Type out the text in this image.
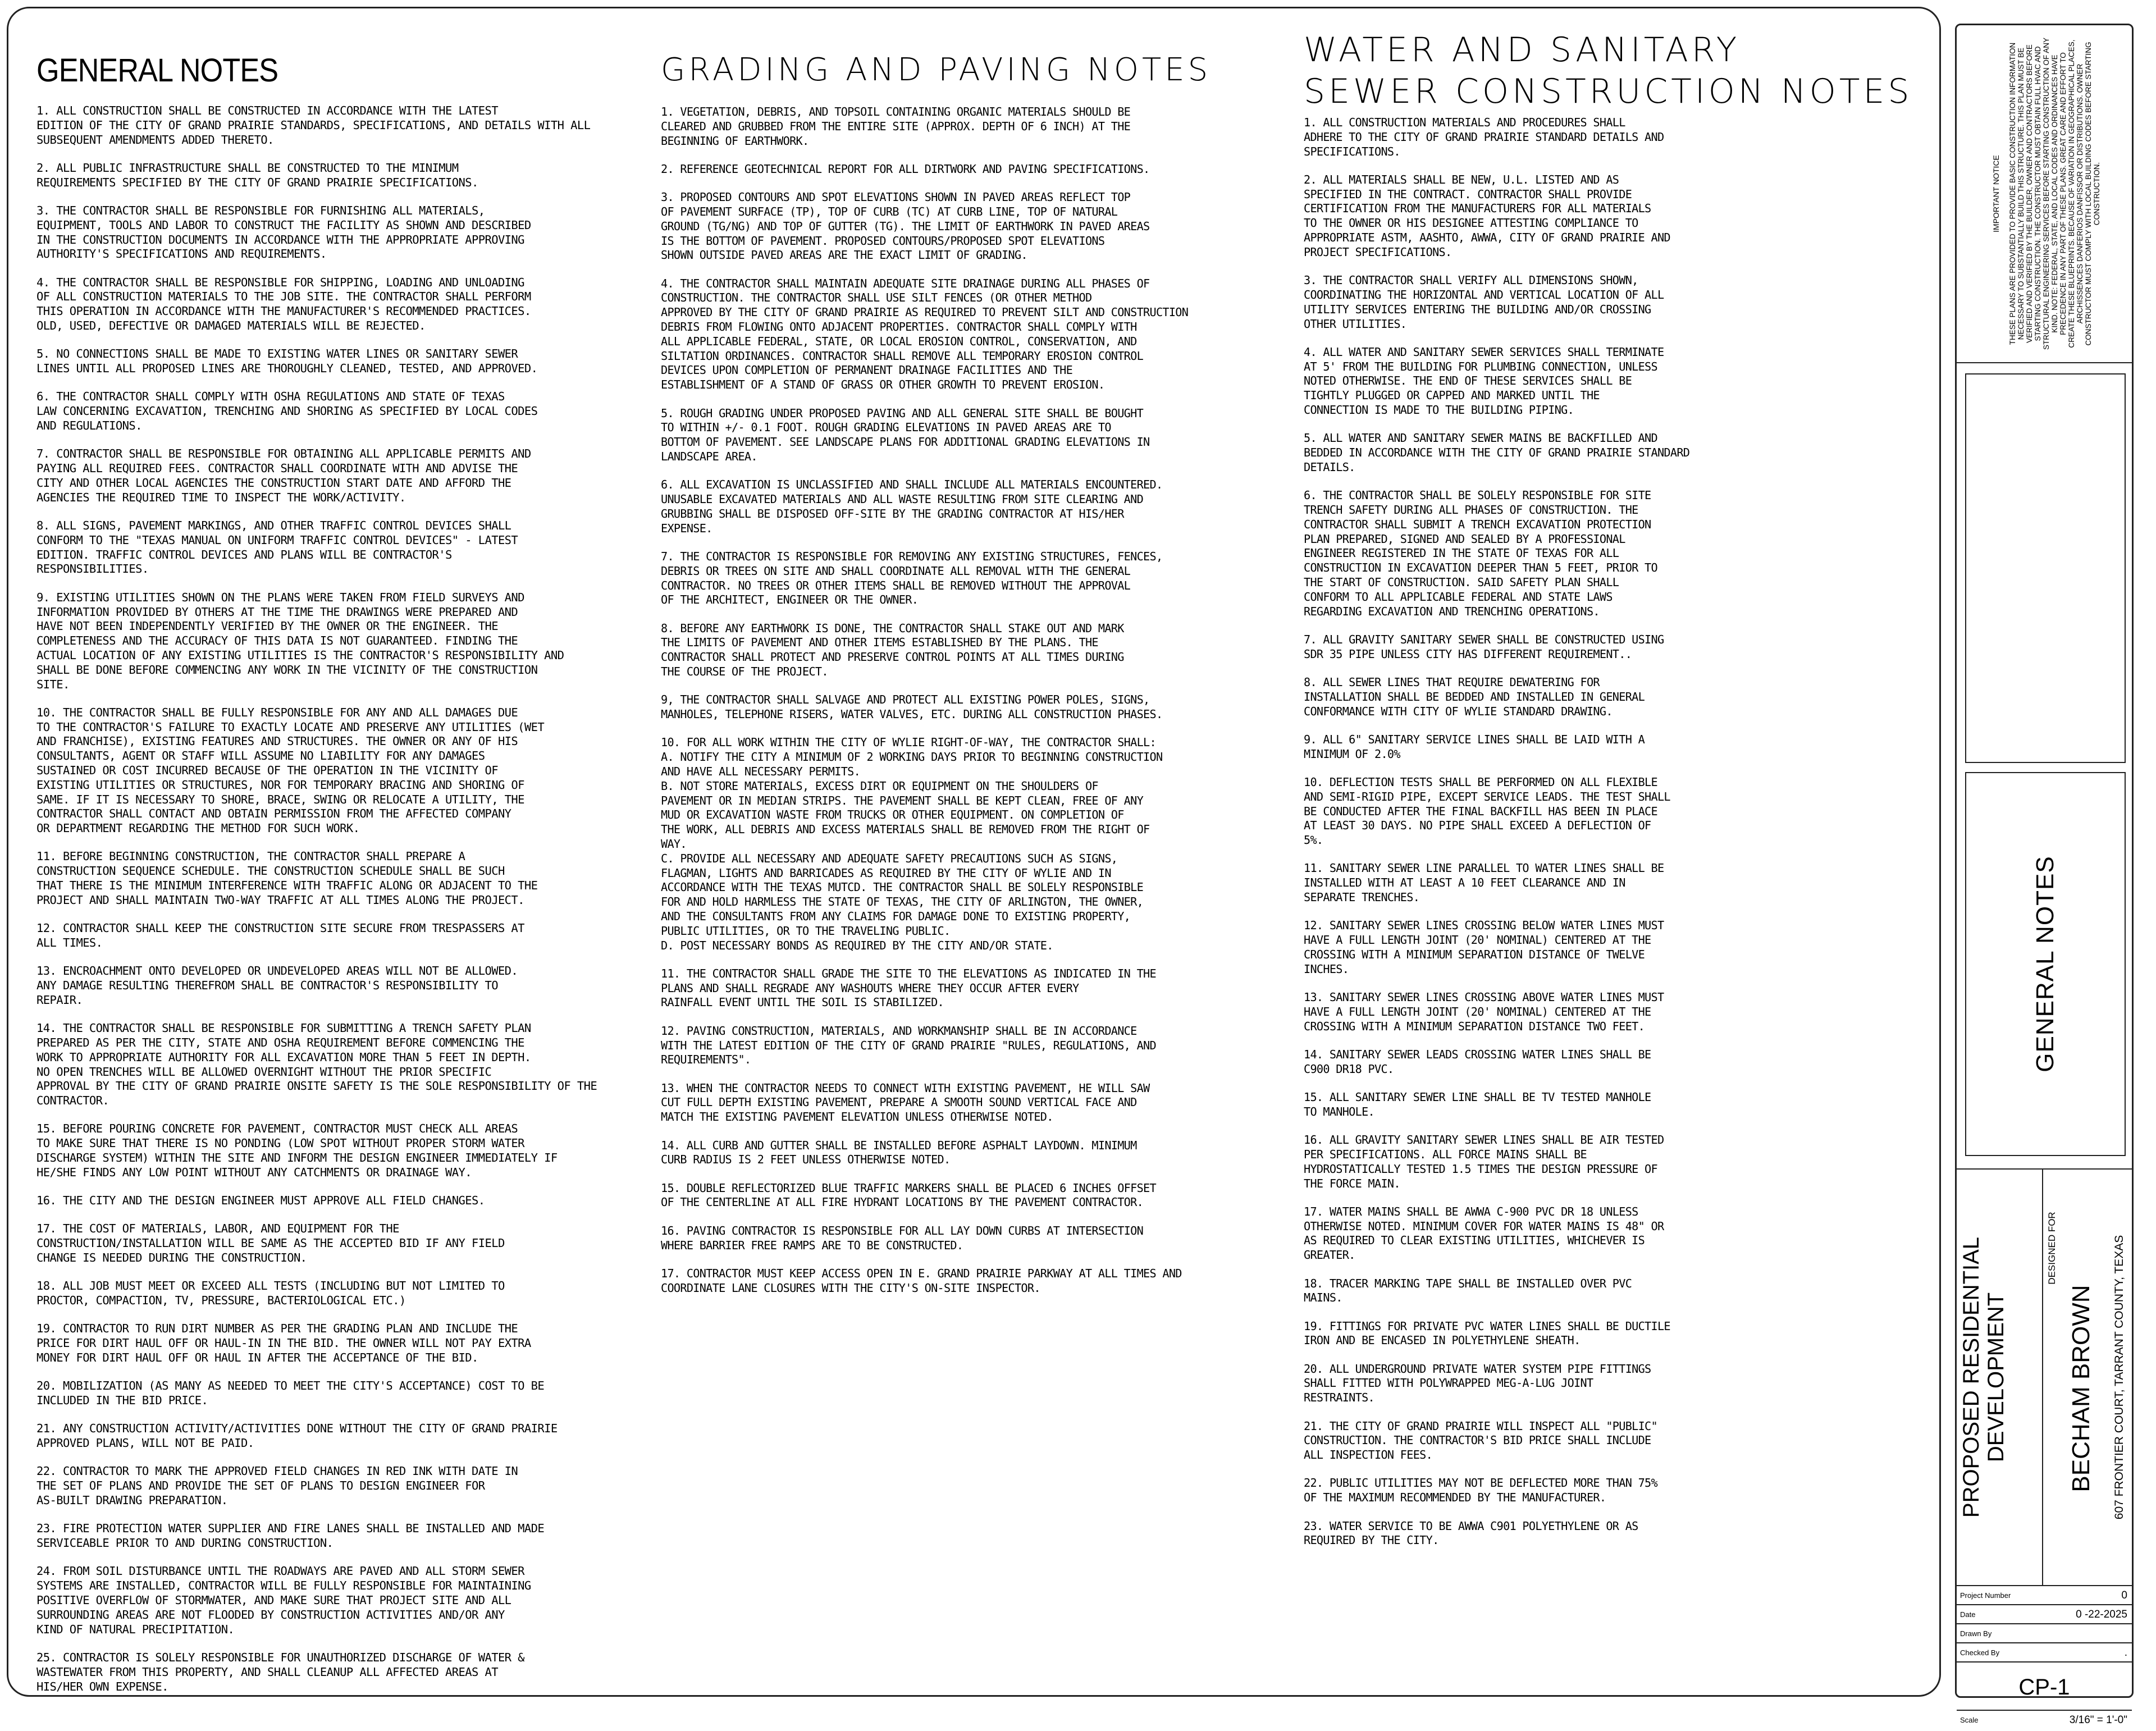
GENERAL NOTES

1. ALL CONSTRUCTION SHALL BE CONSTRUCTED IN ACCORDANCE WITH THE LATEST
EDITION OF THE CITY OF GRAND PRAIRIE STANDARDS, SPECIFICATIONS, AND DETAILS WITH ALL
SUBSEQUENT AMENDMENTS ADDED THERETO.

2. ALL PUBLIC INFRASTRUCTURE SHALL BE CONSTRUCTED TO THE MINIMUM
REQUIREMENTS SPECIFIED BY THE CITY OF GRAND PRAIRIE SPECIFICATIONS.

3. THE CONTRACTOR SHALL BE RESPONSIBLE FOR FURNISHING ALL MATERIALS,
EQUIPMENT, TOOLS AND LABOR TO CONSTRUCT THE FACILITY AS SHOWN AND DESCRIBED
IN THE CONSTRUCTION DOCUMENTS IN ACCORDANCE WITH THE APPROPRIATE APPROVING
AUTHORITY'S SPECIFICATIONS AND REQUIREMENTS.

4. THE CONTRACTOR SHALL BE RESPONSIBLE FOR SHIPPING, LOADING AND UNLOADING
OF ALL CONSTRUCTION MATERIALS TO THE JOB SITE. THE CONTRACTOR SHALL PERFORM
THIS OPERATION IN ACCORDANCE WITH THE MANUFACTURER'S RECOMMENDED PRACTICES.
OLD, USED, DEFECTIVE OR DAMAGED MATERIALS WILL BE REJECTED.

5. NO CONNECTIONS SHALL BE MADE TO EXISTING WATER LINES OR SANITARY SEWER
LINES UNTIL ALL PROPOSED LINES ARE THOROUGHLY CLEANED, TESTED, AND APPROVED.

6. THE CONTRACTOR SHALL COMPLY WITH OSHA REGULATIONS AND STATE OF TEXAS
LAW CONCERNING EXCAVATION, TRENCHING AND SHORING AS SPECIFIED BY LOCAL CODES
AND REGULATIONS.

7. CONTRACTOR SHALL BE RESPONSIBLE FOR OBTAINING ALL APPLICABLE PERMITS AND
PAYING ALL REQUIRED FEES. CONTRACTOR SHALL COORDINATE WITH AND ADVISE THE
CITY AND OTHER LOCAL AGENCIES THE CONSTRUCTION START DATE AND AFFORD THE
AGENCIES THE REQUIRED TIME TO INSPECT THE WORK/ACTIVITY.

8. ALL SIGNS, PAVEMENT MARKINGS, AND OTHER TRAFFIC CONTROL DEVICES SHALL
CONFORM TO THE "TEXAS MANUAL ON UNIFORM TRAFFIC CONTROL DEVICES" - LATEST
EDITION. TRAFFIC CONTROL DEVICES AND PLANS WILL BE CONTRACTOR'S
RESPONSIBILITIES.

9. EXISTING UTILITIES SHOWN ON THE PLANS WERE TAKEN FROM FIELD SURVEYS AND
INFORMATION PROVIDED BY OTHERS AT THE TIME THE DRAWINGS WERE PREPARED AND
HAVE NOT BEEN INDEPENDENTLY VERIFIED BY THE OWNER OR THE ENGINEER. THE
COMPLETENESS AND THE ACCURACY OF THIS DATA IS NOT GUARANTEED. FINDING THE
ACTUAL LOCATION OF ANY EXISTING UTILITIES IS THE CONTRACTOR'S RESPONSIBILITY AND
SHALL BE DONE BEFORE COMMENCING ANY WORK IN THE VICINITY OF THE CONSTRUCTION
SITE.

10. THE CONTRACTOR SHALL BE FULLY RESPONSIBLE FOR ANY AND ALL DAMAGES DUE
TO THE CONTRACTOR'S FAILURE TO EXACTLY LOCATE AND PRESERVE ANY UTILITIES (WET
AND FRANCHISE), EXISTING FEATURES AND STRUCTURES. THE OWNER OR ANY OF HIS
CONSULTANTS, AGENT OR STAFF WILL ASSUME NO LIABILITY FOR ANY DAMAGES
SUSTAINED OR COST INCURRED BECAUSE OF THE OPERATION IN THE VICINITY OF
EXISTING UTILITIES OR STRUCTURES, NOR FOR TEMPORARY BRACING AND SHORING OF
SAME. IF IT IS NECESSARY TO SHORE, BRACE, SWING OR RELOCATE A UTILITY, THE
CONTRACTOR SHALL CONTACT AND OBTAIN PERMISSION FROM THE AFFECTED COMPANY
OR DEPARTMENT REGARDING THE METHOD FOR SUCH WORK.

11. BEFORE BEGINNING CONSTRUCTION, THE CONTRACTOR SHALL PREPARE A
CONSTRUCTION SEQUENCE SCHEDULE. THE CONSTRUCTION SCHEDULE SHALL BE SUCH
THAT THERE IS THE MINIMUM INTERFERENCE WITH TRAFFIC ALONG OR ADJACENT TO THE
PROJECT AND SHALL MAINTAIN TWO-WAY TRAFFIC AT ALL TIMES ALONG THE PROJECT.

12. CONTRACTOR SHALL KEEP THE CONSTRUCTION SITE SECURE FROM TRESPASSERS AT
ALL TIMES.

13. ENCROACHMENT ONTO DEVELOPED OR UNDEVELOPED AREAS WILL NOT BE ALLOWED.
ANY DAMAGE RESULTING THEREFROM SHALL BE CONTRACTOR'S RESPONSIBILITY TO
REPAIR.

14. THE CONTRACTOR SHALL BE RESPONSIBLE FOR SUBMITTING A TRENCH SAFETY PLAN
PREPARED AS PER THE CITY, STATE AND OSHA REQUIREMENT BEFORE COMMENCING THE
WORK TO APPROPRIATE AUTHORITY FOR ALL EXCAVATION MORE THAN 5 FEET IN DEPTH.
NO OPEN TRENCHES WILL BE ALLOWED OVERNIGHT WITHOUT THE PRIOR SPECIFIC
APPROVAL BY THE CITY OF GRAND PRAIRIE ONSITE SAFETY IS THE SOLE RESPONSIBILITY OF THE
CONTRACTOR.

15. BEFORE POURING CONCRETE FOR PAVEMENT, CONTRACTOR MUST CHECK ALL AREAS
TO MAKE SURE THAT THERE IS NO PONDING (LOW SPOT WITHOUT PROPER STORM WATER
DISCHARGE SYSTEM) WITHIN THE SITE AND INFORM THE DESIGN ENGINEER IMMEDIATELY IF
HE/SHE FINDS ANY LOW POINT WITHOUT ANY CATCHMENTS OR DRAINAGE WAY.

16. THE CITY AND THE DESIGN ENGINEER MUST APPROVE ALL FIELD CHANGES.

17. THE COST OF MATERIALS, LABOR, AND EQUIPMENT FOR THE
CONSTRUCTION/INSTALLATION WILL BE SAME AS THE ACCEPTED BID IF ANY FIELD
CHANGE IS NEEDED DURING THE CONSTRUCTION.

18. ALL JOB MUST MEET OR EXCEED ALL TESTS (INCLUDING BUT NOT LIMITED TO
PROCTOR, COMPACTION, TV, PRESSURE, BACTERIOLOGICAL ETC.)

19. CONTRACTOR TO RUN DIRT NUMBER AS PER THE GRADING PLAN AND INCLUDE THE
PRICE FOR DIRT HAUL OFF OR HAUL-IN IN THE BID. THE OWNER WILL NOT PAY EXTRA
MONEY FOR DIRT HAUL OFF OR HAUL IN AFTER THE ACCEPTANCE OF THE BID.

20. MOBILIZATION (AS MANY AS NEEDED TO MEET THE CITY'S ACCEPTANCE) COST TO BE
INCLUDED IN THE BID PRICE.

21. ANY CONSTRUCTION ACTIVITY/ACTIVITIES DONE WITHOUT THE CITY OF GRAND PRAIRIE
APPROVED PLANS, WILL NOT BE PAID.

22. CONTRACTOR TO MARK THE APPROVED FIELD CHANGES IN RED INK WITH DATE IN
THE SET OF PLANS AND PROVIDE THE SET OF PLANS TO DESIGN ENGINEER FOR
AS-BUILT DRAWING PREPARATION.

23. FIRE PROTECTION WATER SUPPLIER AND FIRE LANES SHALL BE INSTALLED AND MADE
SERVICEABLE PRIOR TO AND DURING CONSTRUCTION.

24. FROM SOIL DISTURBANCE UNTIL THE ROADWAYS ARE PAVED AND ALL STORM SEWER
SYSTEMS ARE INSTALLED, CONTRACTOR WILL BE FULLY RESPONSIBLE FOR MAINTAINING
POSITIVE OVERFLOW OF STORMWATER, AND MAKE SURE THAT PROJECT SITE AND ALL
SURROUNDING AREAS ARE NOT FLOODED BY CONSTRUCTION ACTIVITIES AND/OR ANY
KIND OF NATURAL PRECIPITATION.

25. CONTRACTOR IS SOLELY RESPONSIBLE FOR UNAUTHORIZED DISCHARGE OF WATER &
WASTEWATER FROM THIS PROPERTY, AND SHALL CLEANUP ALL AFFECTED AREAS AT
HIS/HER OWN EXPENSE.

GRADING AND PAVING NOTES

1. VEGETATION, DEBRIS, AND TOPSOIL CONTAINING ORGANIC MATERIALS SHOULD BE
CLEARED AND GRUBBED FROM THE ENTIRE SITE (APPROX. DEPTH OF 6 INCH) AT THE
BEGINNING OF EARTHWORK.

2. REFERENCE GEOTECHNICAL REPORT FOR ALL DIRTWORK AND PAVING SPECIFICATIONS.

3. PROPOSED CONTOURS AND SPOT ELEVATIONS SHOWN IN PAVED AREAS REFLECT TOP
OF PAVEMENT SURFACE (TP), TOP OF CURB (TC) AT CURB LINE, TOP OF NATURAL
GROUND (TG/NG) AND TOP OF GUTTER (TG). THE LIMIT OF EARTHWORK IN PAVED AREAS
IS THE BOTTOM OF PAVEMENT. PROPOSED CONTOURS/PROPOSED SPOT ELEVATIONS
SHOWN OUTSIDE PAVED AREAS ARE THE EXACT LIMIT OF GRADING.

4. THE CONTRACTOR SHALL MAINTAIN ADEQUATE SITE DRAINAGE DURING ALL PHASES OF
CONSTRUCTION. THE CONTRACTOR SHALL USE SILT FENCES (OR OTHER METHOD
APPROVED BY THE CITY OF GRAND PRAIRIE AS REQUIRED TO PREVENT SILT AND CONSTRUCTION
DEBRIS FROM FLOWING ONTO ADJACENT PROPERTIES. CONTRACTOR SHALL COMPLY WITH
ALL APPLICABLE FEDERAL, STATE, OR LOCAL EROSION CONTROL, CONSERVATION, AND
SILTATION ORDINANCES. CONTRACTOR SHALL REMOVE ALL TEMPORARY EROSION CONTROL
DEVICES UPON COMPLETION OF PERMANENT DRAINAGE FACILITIES AND THE
ESTABLISHMENT OF A STAND OF GRASS OR OTHER GROWTH TO PREVENT EROSION.

5. ROUGH GRADING UNDER PROPOSED PAVING AND ALL GENERAL SITE SHALL BE BOUGHT
TO WITHIN +/- 0.1 FOOT. ROUGH GRADING ELEVATIONS IN PAVED AREAS ARE TO
BOTTOM OF PAVEMENT. SEE LANDSCAPE PLANS FOR ADDITIONAL GRADING ELEVATIONS IN
LANDSCAPE AREA.

6. ALL EXCAVATION IS UNCLASSIFIED AND SHALL INCLUDE ALL MATERIALS ENCOUNTERED.
UNUSABLE EXCAVATED MATERIALS AND ALL WASTE RESULTING FROM SITE CLEARING AND
GRUBBING SHALL BE DISPOSED OFF-SITE BY THE GRADING CONTRACTOR AT HIS/HER
EXPENSE.

7. THE CONTRACTOR IS RESPONSIBLE FOR REMOVING ANY EXISTING STRUCTURES, FENCES,
DEBRIS OR TREES ON SITE AND SHALL COORDINATE ALL REMOVAL WITH THE GENERAL
CONTRACTOR. NO TREES OR OTHER ITEMS SHALL BE REMOVED WITHOUT THE APPROVAL
OF THE ARCHITECT, ENGINEER OR THE OWNER.

8. BEFORE ANY EARTHWORK IS DONE, THE CONTRACTOR SHALL STAKE OUT AND MARK
THE LIMITS OF PAVEMENT AND OTHER ITEMS ESTABLISHED BY THE PLANS. THE
CONTRACTOR SHALL PROTECT AND PRESERVE CONTROL POINTS AT ALL TIMES DURING
THE COURSE OF THE PROJECT.

9, THE CONTRACTOR SHALL SALVAGE AND PROTECT ALL EXISTING POWER POLES, SIGNS,
MANHOLES, TELEPHONE RISERS, WATER VALVES, ETC. DURING ALL CONSTRUCTION PHASES.

10. FOR ALL WORK WITHIN THE CITY OF WYLIE RIGHT-OF-WAY, THE CONTRACTOR SHALL:
A. NOTIFY THE CITY A MINIMUM OF 2 WORKING DAYS PRIOR TO BEGINNING CONSTRUCTION
AND HAVE ALL NECESSARY PERMITS.
B. NOT STORE MATERIALS, EXCESS DIRT OR EQUIPMENT ON THE SHOULDERS OF
PAVEMENT OR IN MEDIAN STRIPS. THE PAVEMENT SHALL BE KEPT CLEAN, FREE OF ANY
MUD OR EXCAVATION WASTE FROM TRUCKS OR OTHER EQUIPMENT. ON COMPLETION OF
THE WORK, ALL DEBRIS AND EXCESS MATERIALS SHALL BE REMOVED FROM THE RIGHT OF
WAY.
C. PROVIDE ALL NECESSARY AND ADEQUATE SAFETY PRECAUTIONS SUCH AS SIGNS,
FLAGMAN, LIGHTS AND BARRICADES AS REQUIRED BY THE CITY OF WYLIE AND IN
ACCORDANCE WITH THE TEXAS MUTCD. THE CONTRACTOR SHALL BE SOLELY RESPONSIBLE
FOR AND HOLD HARMLESS THE STATE OF TEXAS, THE CITY OF ARLINGTON, THE OWNER,
AND THE CONSULTANTS FROM ANY CLAIMS FOR DAMAGE DONE TO EXISTING PROPERTY,
PUBLIC UTILITIES, OR TO THE TRAVELING PUBLIC.
D. POST NECESSARY BONDS AS REQUIRED BY THE CITY AND/OR STATE.

11. THE CONTRACTOR SHALL GRADE THE SITE TO THE ELEVATIONS AS INDICATED IN THE
PLANS AND SHALL REGRADE ANY WASHOUTS WHERE THEY OCCUR AFTER EVERY
RAINFALL EVENT UNTIL THE SOIL IS STABILIZED.

12. PAVING CONSTRUCTION, MATERIALS, AND WORKMANSHIP SHALL BE IN ACCORDANCE
WITH THE LATEST EDITION OF THE CITY OF GRAND PRAIRIE "RULES, REGULATIONS, AND
REQUIREMENTS".

13. WHEN THE CONTRACTOR NEEDS TO CONNECT WITH EXISTING PAVEMENT, HE WILL SAW
CUT FULL DEPTH EXISTING PAVEMENT, PREPARE A SMOOTH SOUND VERTICAL FACE AND
MATCH THE EXISTING PAVEMENT ELEVATION UNLESS OTHERWISE NOTED.

14. ALL CURB AND GUTTER SHALL BE INSTALLED BEFORE ASPHALT LAYDOWN. MINIMUM
CURB RADIUS IS 2 FEET UNLESS OTHERWISE NOTED.

15. DOUBLE REFLECTORIZED BLUE TRAFFIC MARKERS SHALL BE PLACED 6 INCHES OFFSET
OF THE CENTERLINE AT ALL FIRE HYDRANT LOCATIONS BY THE PAVEMENT CONTRACTOR.

16. PAVING CONTRACTOR IS RESPONSIBLE FOR ALL LAY DOWN CURBS AT INTERSECTION
WHERE BARRIER FREE RAMPS ARE TO BE CONSTRUCTED.

17. CONTRACTOR MUST KEEP ACCESS OPEN IN E. GRAND PRAIRIE PARKWAY AT ALL TIMES AND
COORDINATE LANE CLOSURES WITH THE CITY'S ON-SITE INSPECTOR.

WATER AND SANITARY
SEWER CONSTRUCTION NOTES

1. ALL CONSTRUCTION MATERIALS AND PROCEDURES SHALL
ADHERE TO THE CITY OF GRAND PRAIRIE STANDARD DETAILS AND
SPECIFICATIONS.

2. ALL MATERIALS SHALL BE NEW, U.L. LISTED AND AS
SPECIFIED IN THE CONTRACT. CONTRACTOR SHALL PROVIDE
CERTIFICATION FROM THE MANUFACTURERS FOR ALL MATERIALS
TO THE OWNER OR HIS DESIGNEE ATTESTING COMPLIANCE TO
APPROPRIATE ASTM, AASHTO, AWWA, CITY OF GRAND PRAIRIE AND
PROJECT SPECIFICATIONS.

3. THE CONTRACTOR SHALL VERIFY ALL DIMENSIONS SHOWN,
COORDINATING THE HORIZONTAL AND VERTICAL LOCATION OF ALL
UTILITY SERVICES ENTERING THE BUILDING AND/OR CROSSING
OTHER UTILITIES.

4. ALL WATER AND SANITARY SEWER SERVICES SHALL TERMINATE
AT 5' FROM THE BUILDING FOR PLUMBING CONNECTION, UNLESS
NOTED OTHERWISE. THE END OF THESE SERVICES SHALL BE
TIGHTLY PLUGGED OR CAPPED AND MARKED UNTIL THE
CONNECTION IS MADE TO THE BUILDING PIPING.

5. ALL WATER AND SANITARY SEWER MAINS BE BACKFILLED AND
BEDDED IN ACCORDANCE WITH THE CITY OF GRAND PRAIRIE STANDARD
DETAILS.

6. THE CONTRACTOR SHALL BE SOLELY RESPONSIBLE FOR SITE
TRENCH SAFETY DURING ALL PHASES OF CONSTRUCTION. THE
CONTRACTOR SHALL SUBMIT A TRENCH EXCAVATION PROTECTION
PLAN PREPARED, SIGNED AND SEALED BY A PROFESSIONAL
ENGINEER REGISTERED IN THE STATE OF TEXAS FOR ALL
CONSTRUCTION IN EXCAVATION DEEPER THAN 5 FEET, PRIOR TO
THE START OF CONSTRUCTION. SAID SAFETY PLAN SHALL
CONFORM TO ALL APPLICABLE FEDERAL AND STATE LAWS
REGARDING EXCAVATION AND TRENCHING OPERATIONS.

7. ALL GRAVITY SANITARY SEWER SHALL BE CONSTRUCTED USING
SDR 35 PIPE UNLESS CITY HAS DIFFERENT REQUIREMENT..

8. ALL SEWER LINES THAT REQUIRE DEWATERING FOR
INSTALLATION SHALL BE BEDDED AND INSTALLED IN GENERAL
CONFORMANCE WITH CITY OF WYLIE STANDARD DRAWING.

9. ALL 6" SANITARY SERVICE LINES SHALL BE LAID WITH A
MINIMUM OF 2.0%

10. DEFLECTION TESTS SHALL BE PERFORMED ON ALL FLEXIBLE
AND SEMI-RIGID PIPE, EXCEPT SERVICE LEADS. THE TEST SHALL
BE CONDUCTED AFTER THE FINAL BACKFILL HAS BEEN IN PLACE
AT LEAST 30 DAYS. NO PIPE SHALL EXCEED A DEFLECTION OF
5%.

11. SANITARY SEWER LINE PARALLEL TO WATER LINES SHALL BE
INSTALLED WITH AT LEAST A 10 FEET CLEARANCE AND IN
SEPARATE TRENCHES.

12. SANITARY SEWER LINES CROSSING BELOW WATER LINES MUST
HAVE A FULL LENGTH JOINT (20' NOMINAL) CENTERED AT THE
CROSSING WITH A MINIMUM SEPARATION DISTANCE OF TWELVE
INCHES.

13. SANITARY SEWER LINES CROSSING ABOVE WATER LINES MUST
HAVE A FULL LENGTH JOINT (20' NOMINAL) CENTERED AT THE
CROSSING WITH A MINIMUM SEPARATION DISTANCE TWO FEET.

14. SANITARY SEWER LEADS CROSSING WATER LINES SHALL BE
C900 DR18 PVC.

15. ALL SANITARY SEWER LINE SHALL BE TV TESTED MANHOLE
TO MANHOLE.

16. ALL GRAVITY SANITARY SEWER LINES SHALL BE AIR TESTED
PER SPECIFICATIONS. ALL FORCE MAINS SHALL BE
HYDROSTATICALLY TESTED 1.5 TIMES THE DESIGN PRESSURE OF
THE FORCE MAIN.

17. WATER MAINS SHALL BE AWWA C-900 PVC DR 18 UNLESS
OTHERWISE NOTED. MINIMUM COVER FOR WATER MAINS IS 48" OR
AS REQUIRED TO CLEAR EXISTING UTILITIES, WHICHEVER IS
GREATER.

18. TRACER MARKING TAPE SHALL BE INSTALLED OVER PVC
MAINS.

19. FITTINGS FOR PRIVATE PVC WATER LINES SHALL BE DUCTILE
IRON AND BE ENCASED IN POLYETHYLENE SHEATH.

20. ALL UNDERGROUND PRIVATE WATER SYSTEM PIPE FITTINGS
SHALL FITTED WITH POLYWRAPPED MEG-A-LUG JOINT
RESTRAINTS.

21. THE CITY OF GRAND PRAIRIE WILL INSPECT ALL "PUBLIC"
CONSTRUCTION. THE CONTRACTOR'S BID PRICE SHALL INCLUDE
ALL INSPECTION FEES.

22. PUBLIC UTILITIES MAY NOT BE DEFLECTED MORE THAN 75%
OF THE MAXIMUM RECOMMENDED BY THE MANUFACTURER.

23. WATER SERVICE TO BE AWWA C901 POLYETHYLENE OR AS
REQUIRED BY THE CITY.

IMPORTANT NOTICE THESE PLANS ARE PROVIDED TO PROVIDE BASIC CONSTRUCTION INFORMATION NECESSARY TO SUBSTANTIALLY BUILD THIS STRUCTURE. THIS PLAN MUST BE VERIFIED AND VERIFIED BY THE BUILDER, OWNER AND CONTRACTORS BEFORE STARTING CONSTRUCTION. THE CONSTRUCTOR MUST OBTAIN FULL HVAC AND STRUCTURAL ENGINEERING SERVICES BEFORE STARTING CONSTRUCTION OF ANY KIND. NOTE: FEDERAL, STATE, AND LOCAL CODES AND ORDINANCES HAVE PRECEDENCE IN ANY PART OF THESE PLANS. GREAT CARE AND EFFORT TO CREATE THESE BLUEPRINTS. BECAUSE OF VARIATION IN GEOGRAPHICAL PLACES, ARCHISSENCES DANFERIOS DANFISSOR OR DISTRIBUTIONS. OWNER CONSTRUCTOR MUST COMPLY WITH LOCAL BUILDING CODES BEFORE STARTING CONSTRUCTION.
GENERAL NOTES
PROPOSED RESIDENTIAL
DEVELOPMENT
DESIGNED FOR
BECHAM BROWN 607 FRONTIER COURT, TARRANT COUNTY, TEXAS
Project Number	0
Date	0 -22-2025
Drawn By
Checked By	.
CP-1
Scale	3/16" = 1'-0"
